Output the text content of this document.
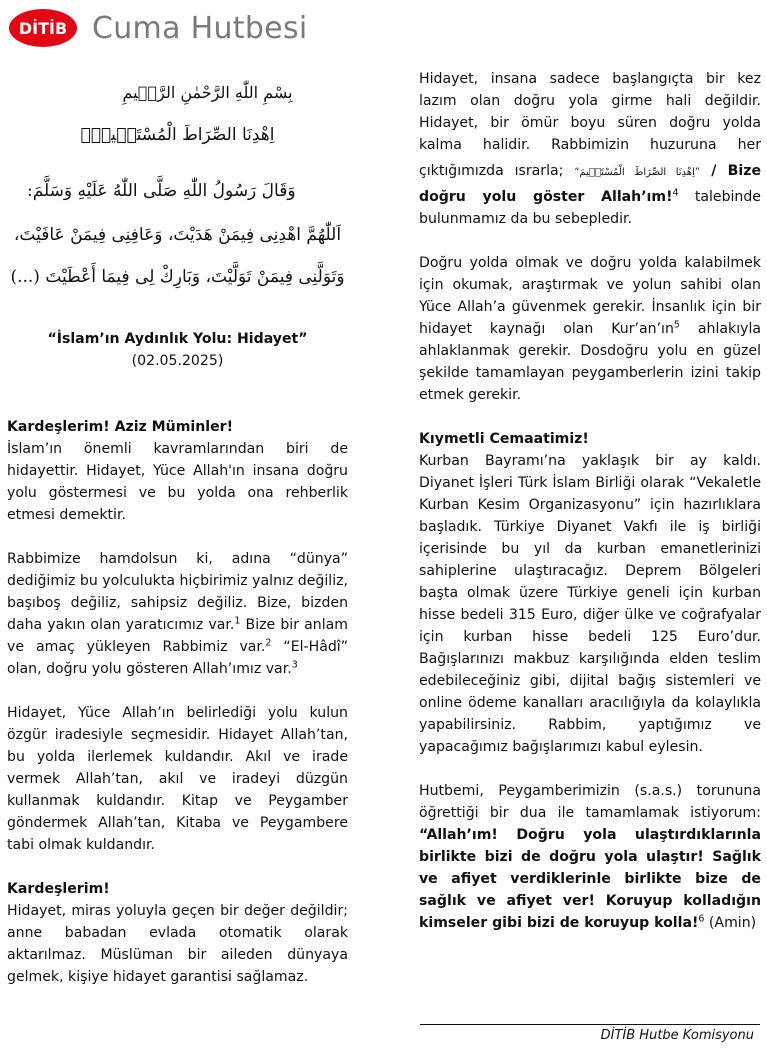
DİTİB Cuma Hutbesi
بِسْمِ اللّٰهِ الرَّحْمٰنِ الرَّح۪يمِ
اِهْدِنَا الصِّرَاطَ الْمُسْتَق۪يمَۙ
وَقَالَ رَسُولُ اللّٰهِ صَلَّى اللّٰهُ عَلَيْهِ وَسَلَّمَ:
اَللّٰهُمَّ اهْدِنِى فِيمَنْ هَدَيْتَ، وَعَافِنِى فِيمَنْ عَافَيْتَ،
وَتَوَلَّنِى فِيمَنْ تَوَلَّيْتَ، وَبَارِكْ لِى فِيمَا أَعْطَيْتَ (...)
“İslam’ın Aydınlık Yolu: Hidayet”
(02.05.2025)

Kardeşlerim! Aziz Müminler!

İslam’ın önemli kavramlarından biri de hidayettir. Hidayet, Yüce Allah'ın insana doğru yolu göstermesi ve bu yolda ona rehberlik etmesi demektir.

Rabbimize hamdolsun ki, adına “dünya” dediğimiz bu yolculukta hiçbirimiz yalnız değiliz, başıboş değiliz, sahipsiz değiliz. Bize, bizden daha yakın olan yaratıcımız var.$^1$ Bize bir anlam ve amaç yükleyen Rabbimiz var.$^2$ “El-Hâdî” olan, doğru yolu gösteren Allah’ımız var.$^3$

Hidayet, Yüce Allah’ın belirlediği yolu kulun özgür iradesiyle seçmesidir. Hidayet Allah’tan, bu yolda ilerlemek kuldandır. Akıl ve irade vermek Allah’tan, akıl ve iradeyi düzgün kullanmak kuldandır. Kitap ve Peygamber göndermek Allah’tan, Kitaba ve Peygambere tabi olmak kuldandır.

Kardeşlerim!

Hidayet, miras yoluyla geçen bir değer değildir; anne babadan evlada otomatik olarak aktarılmaz. Müslüman bir aileden dünyaya gelmek, kişiye hidayet garantisi sağlamaz.

Hidayet, insana sadece başlangıçta bir kez lazım olan doğru yola girme hali değildir. Hidayet, bir ömür boyu süren doğru yolda kalma halidir. Rabbimizin huzuruna her çıktığımızda ısrarla; “اِهْدِنَا الصِّرَاطَ الْمُسْتَق۪يمَ” / Bize doğru yolu göster Allah’ım!$^4$ talebinde bulunmamız da bu sebepledir.

Doğru yolda olmak ve doğru yolda kalabilmek için okumak, araştırmak ve yolun sahibi olan Yüce Allah’a güvenmek gerekir. İnsanlık için bir hidayet kaynağı olan $Kur’an’ın^5$ ahlakıyla ahlaklanmak gerekir. Dosdoğru yolu en güzel şekilde tamamlayan peygamberlerin izini takip etmek gerekir.

Kıymetli Cemaatimiz!

Kurban Bayramı’na yaklaşık bir ay kaldı. Diyanet İşleri Türk İslam Birliği olarak “Vekaletle Kurban Kesim Organizasyonu” için hazırlıklara başladık. Türkiye Diyanet Vakfı ile iş birliği içerisinde bu yıl da kurban emanetlerinizi sahiplerine ulaştıracağız. Deprem Bölgeleri başta olmak üzere Türkiye geneli için kurban hisse bedeli 315 Euro, diğer ülke ve coğrafyalar için kurban hisse bedeli 125 Euro’dur. Bağışlarınızı makbuz karşılığında elden teslim edebileceğiniz gibi, dijital bağış sistemleri ve online ödeme kanalları aracılığıyla da kolaylıkla yapabilirsiniz. Rabbim, yaptığımız ve yapacağımız bağışlarımızı kabul eylesin.

Hutbemi, Peygamberimizin (s.a.s.) torununa öğrettiği bir dua ile tamamlamak istiyorum: “Allah’ım! Doğru yola ulaştırdıklarınla birlikte bizi de doğru yola ulaştır! Sağlık ve afiyet verdiklerinle birlikte bize de sağlık ve afiyet ver! Koruyup kolladığın kimseler gibi bizi de koruyup kolla!$^6$ (Amin)

DİTİB Hutbe Komisyonu
